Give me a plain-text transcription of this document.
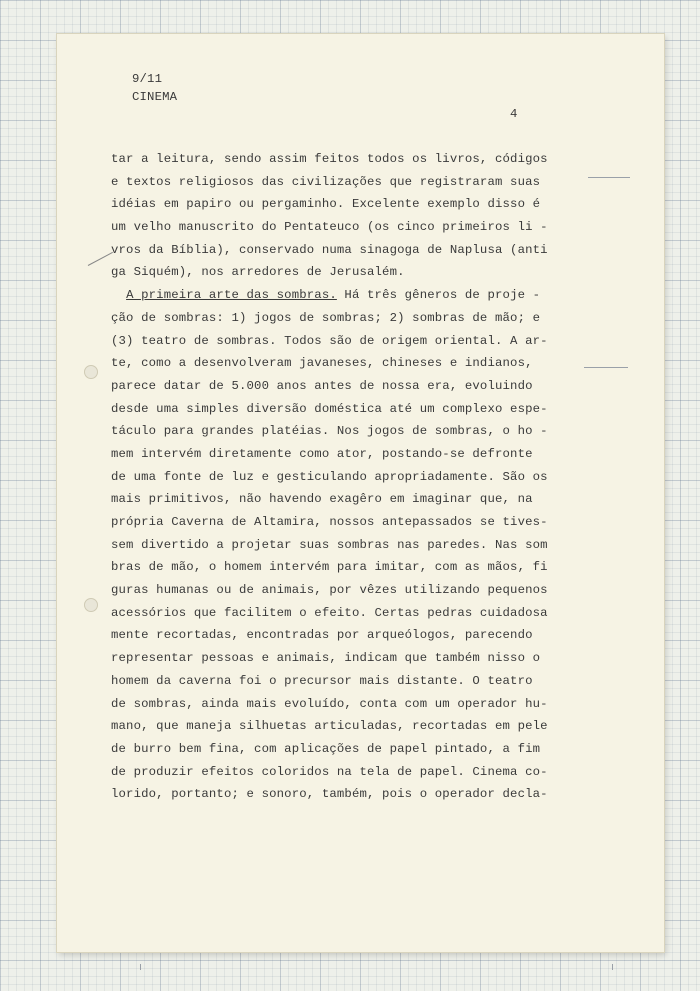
9/11
CINEMA
4
tar a leitura, sendo assim feitos todos os livros, códigos
e textos religiosos das civilizações que registraram suas
idéias em papiro ou pergaminho. Excelente exemplo disso é
um velho manuscrito do Pentateuco (os cinco primeiros li -
vros da Bíblia), conservado numa sinagoga de Naplusa (anti
ga Siquém), nos arredores de Jerusalém.
A primeira arte das sombras. Há três gêneros de proje -
ção de sombras: 1) jogos de sombras; 2) sombras de mão; e
(3) teatro de sombras. Todos são de origem oriental. A ar-
te, como a desenvolveram javaneses, chineses e indianos,
parece datar de 5.000 anos antes de nossa era, evoluindo
desde uma simples diversão doméstica até um complexo espe-
táculo para grandes platéias. Nos jogos de sombras, o ho -
mem intervém diretamente como ator, postando-se defronte
de uma fonte de luz e gesticulando apropriadamente. São os
mais primitivos, não havendo exagêro em imaginar que, na
própria Caverna de Altamira, nossos antepassados se tives-
sem divertido a projetar suas sombras nas paredes. Nas som
bras de mão, o homem intervém para imitar, com as mãos, fi
guras humanas ou de animais, por vêzes utilizando pequenos
acessórios que facilitem o efeito. Certas pedras cuidadosa
mente recortadas, encontradas por arqueólogos, parecendo
representar pessoas e animais, indicam que também nisso o
homem da caverna foi o precursor mais distante. O teatro
de sombras, ainda mais evoluído, conta com um operador hu-
mano, que maneja silhuetas articuladas, recortadas em pele
de burro bem fina, com aplicações de papel pintado, a fim
de produzir efeitos coloridos na tela de papel. Cinema co-
lorido, portanto; e sonoro, também, pois o operador decla-
